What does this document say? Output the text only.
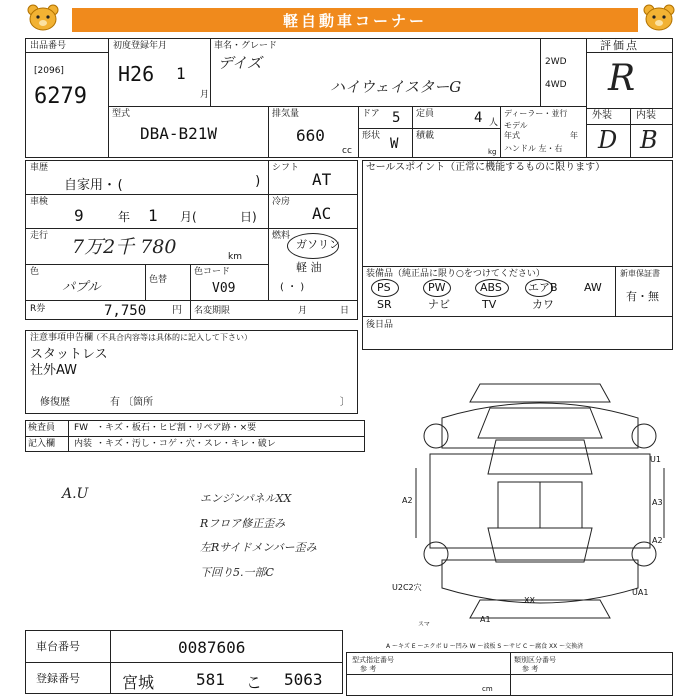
軽自動車コーナー
出品番号
[2096]
6279
初度登録年月
H26 1
月
車名・グレード
デイズ
ハイウェイスターG
2WD
4WD
評価点
R
外装 内装
D B
型式
DBA-B21W
排気量
660
cc
ドア 5 定員	4 人
形状 W 積載
kg
ディーラー・並行
モデル
年式	年
ハンドル 左・右
車歴
自家用・(	)
シフト
AT
車検
9	年 1 月(	日)
冷房
AC
走行 7万2千 780	km
燃料
ガソリン
軽 油
( ・ )
色
パプル	色替
色コード
V09
R券	7,750	円 名変期限	月	日
セールスポイント（正常に機能するものに限ります）
装備品（純正品に限り○をつけてください）	新車保証書
有・無
PS	PW	ABS エアB AW
SR	ナビ	TV	カワ
後日品
注意事項申告欄
（不具合内容等は具体的に記入して下さい）
スタットレス
社外AW
修復歴	有 〔箇所	〕
検査員
記入欄
FW ・キズ・板石・ヒビ割・リペア跡・×要
内装 ・キズ・汚し・コゲ・穴・スレ・キレ・破レ
A.U	エンジンパネルXX
Rフロア修正歪み
左Rサイドメンバー歪み
下回り5.一部C
U1
A2	A3
A2
U2C2穴
UA1
XX
A1
スマ
A ーキズ E ーエクボ U ー凹み W ー波板 S ーサビ C ー腐食 XX ー交換済
車台番号	0087606
登録番号	宮城	581 こ 5063
型式指定番号
参 考
類別区分番号
参 考
cm
